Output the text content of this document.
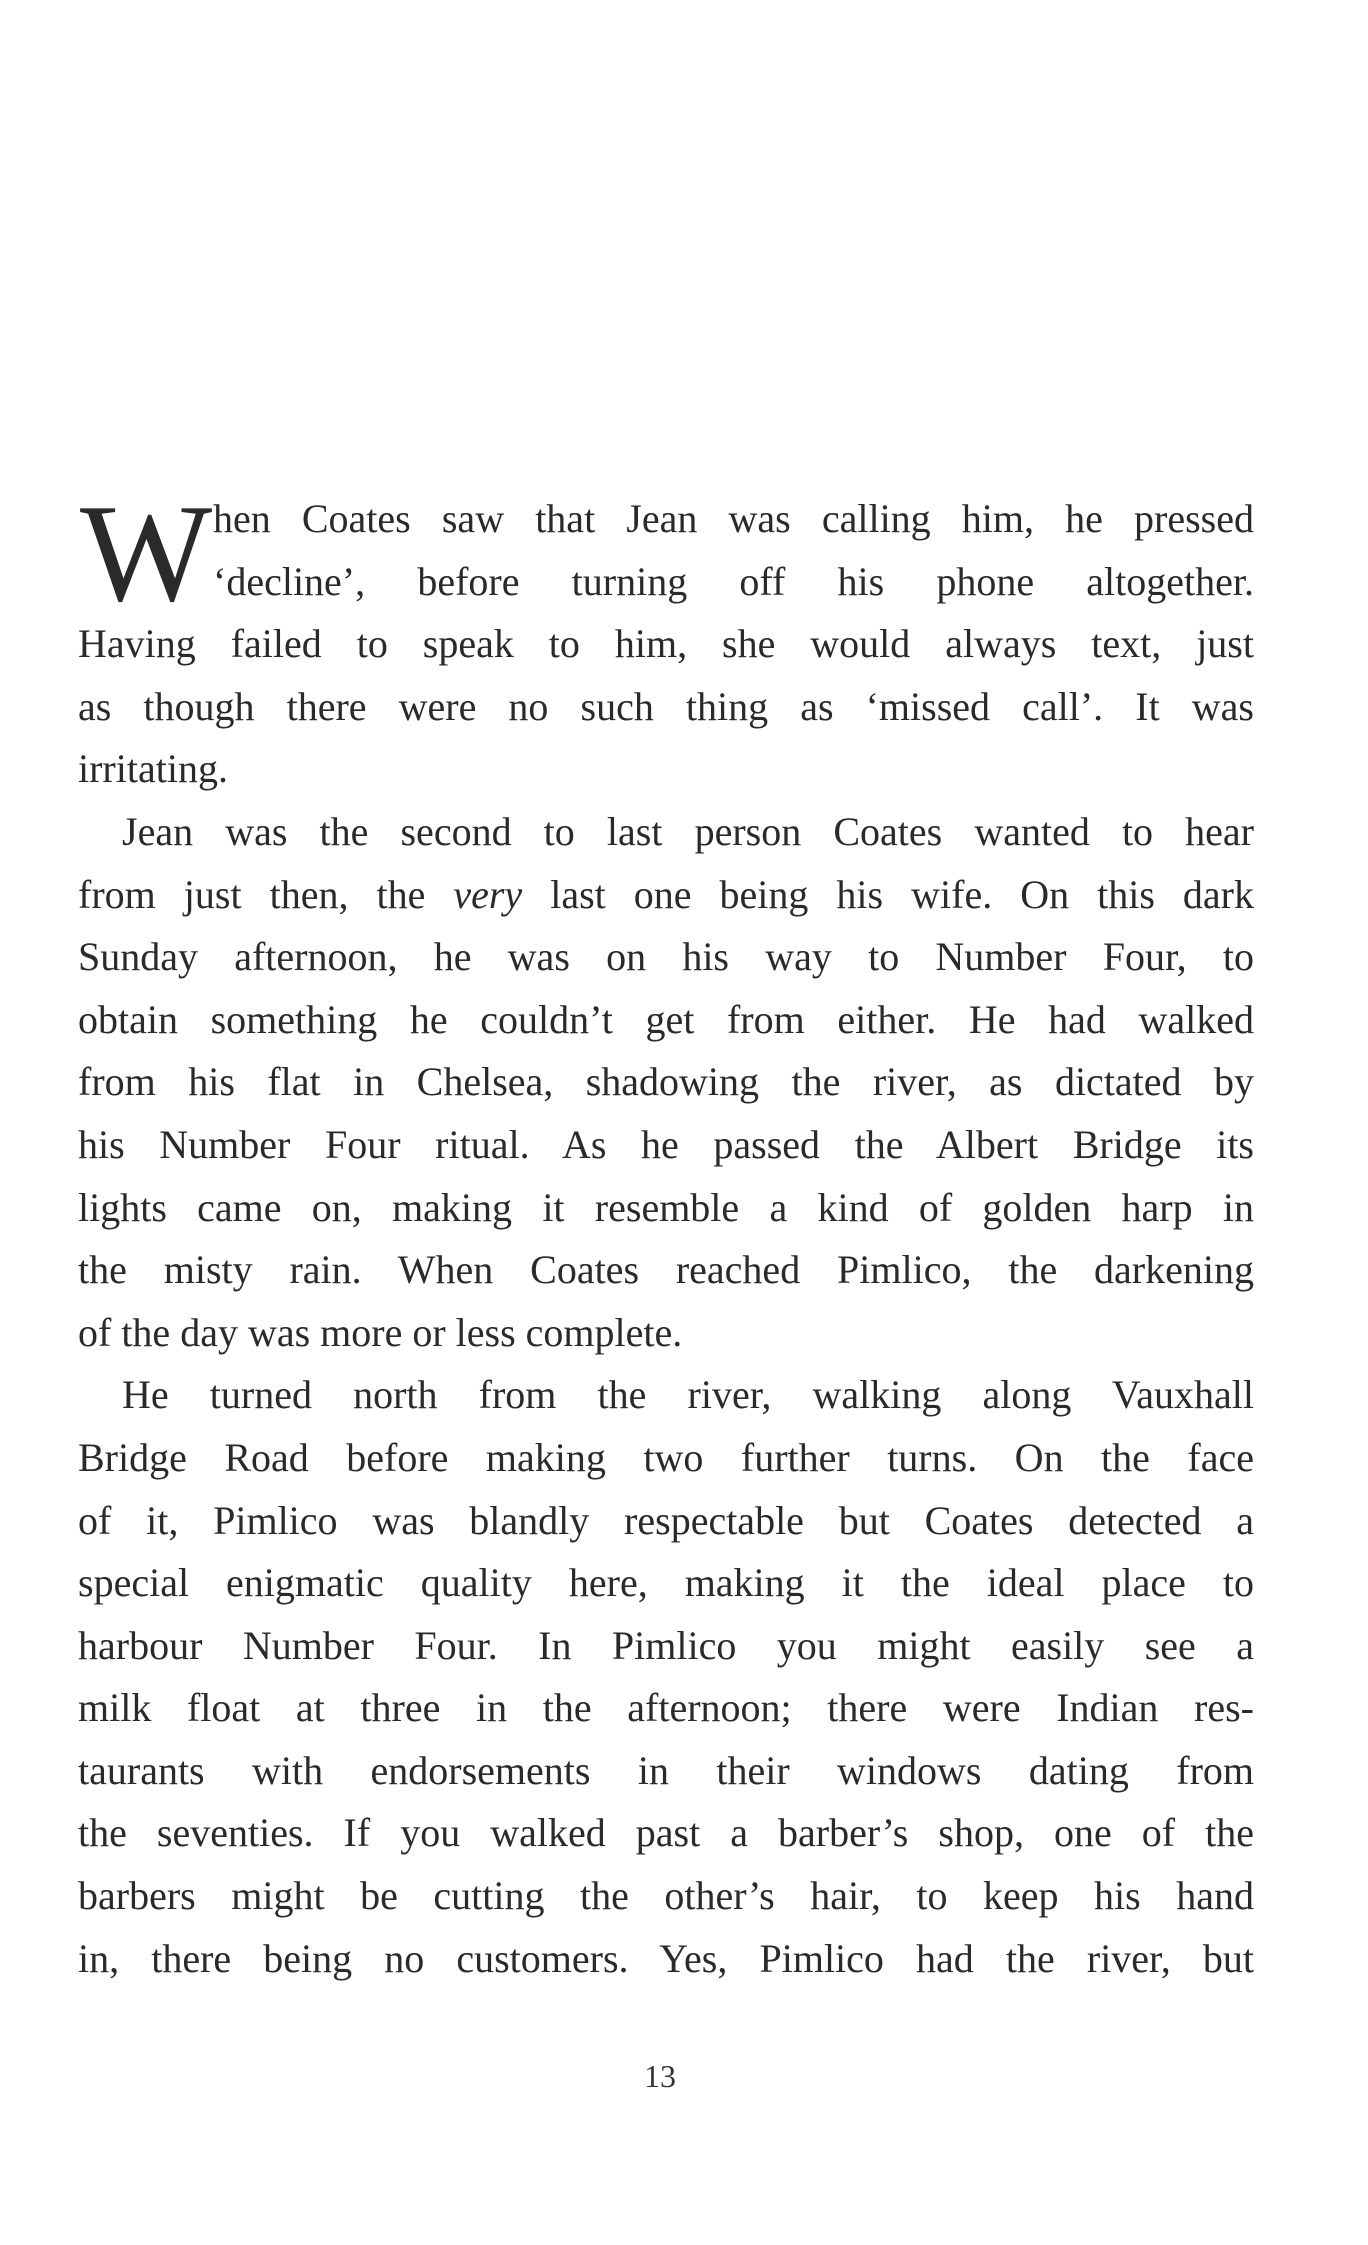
W hen Coates saw that Jean was calling him, he pressed
‘decline’, before turning off his phone altogether.
Having failed to speak to him, she would always text, just
as though there were no such thing as ‘missed call’. It was
irritating.
Jean was the second to last person Coates wanted to hear
from just then, the very last one being his wife. On this dark
Sunday afternoon, he was on his way to Number Four, to
obtain something he couldn’t get from either. He had walked
from his flat in Chelsea, shadowing the river, as dictated by
his Number Four ritual. As he passed the Albert Bridge its
lights came on, making it resemble a kind of golden harp in
the misty rain. When Coates reached Pimlico, the darkening
of the day was more or less complete.
He turned north from the river, walking along Vauxhall
Bridge Road before making two further turns. On the face
of it, Pimlico was blandly respectable but Coates detected a
special enigmatic quality here, making it the ideal place to
harbour Number Four. In Pimlico you might easily see a
milk float at three in the afternoon; there were Indian res-
taurants with endorsements in their windows dating from
the seventies. If you walked past a barber’s shop, one of the
barbers might be cutting the other’s hair, to keep his hand
in, there being no customers. Yes, Pimlico had the river, but
13
